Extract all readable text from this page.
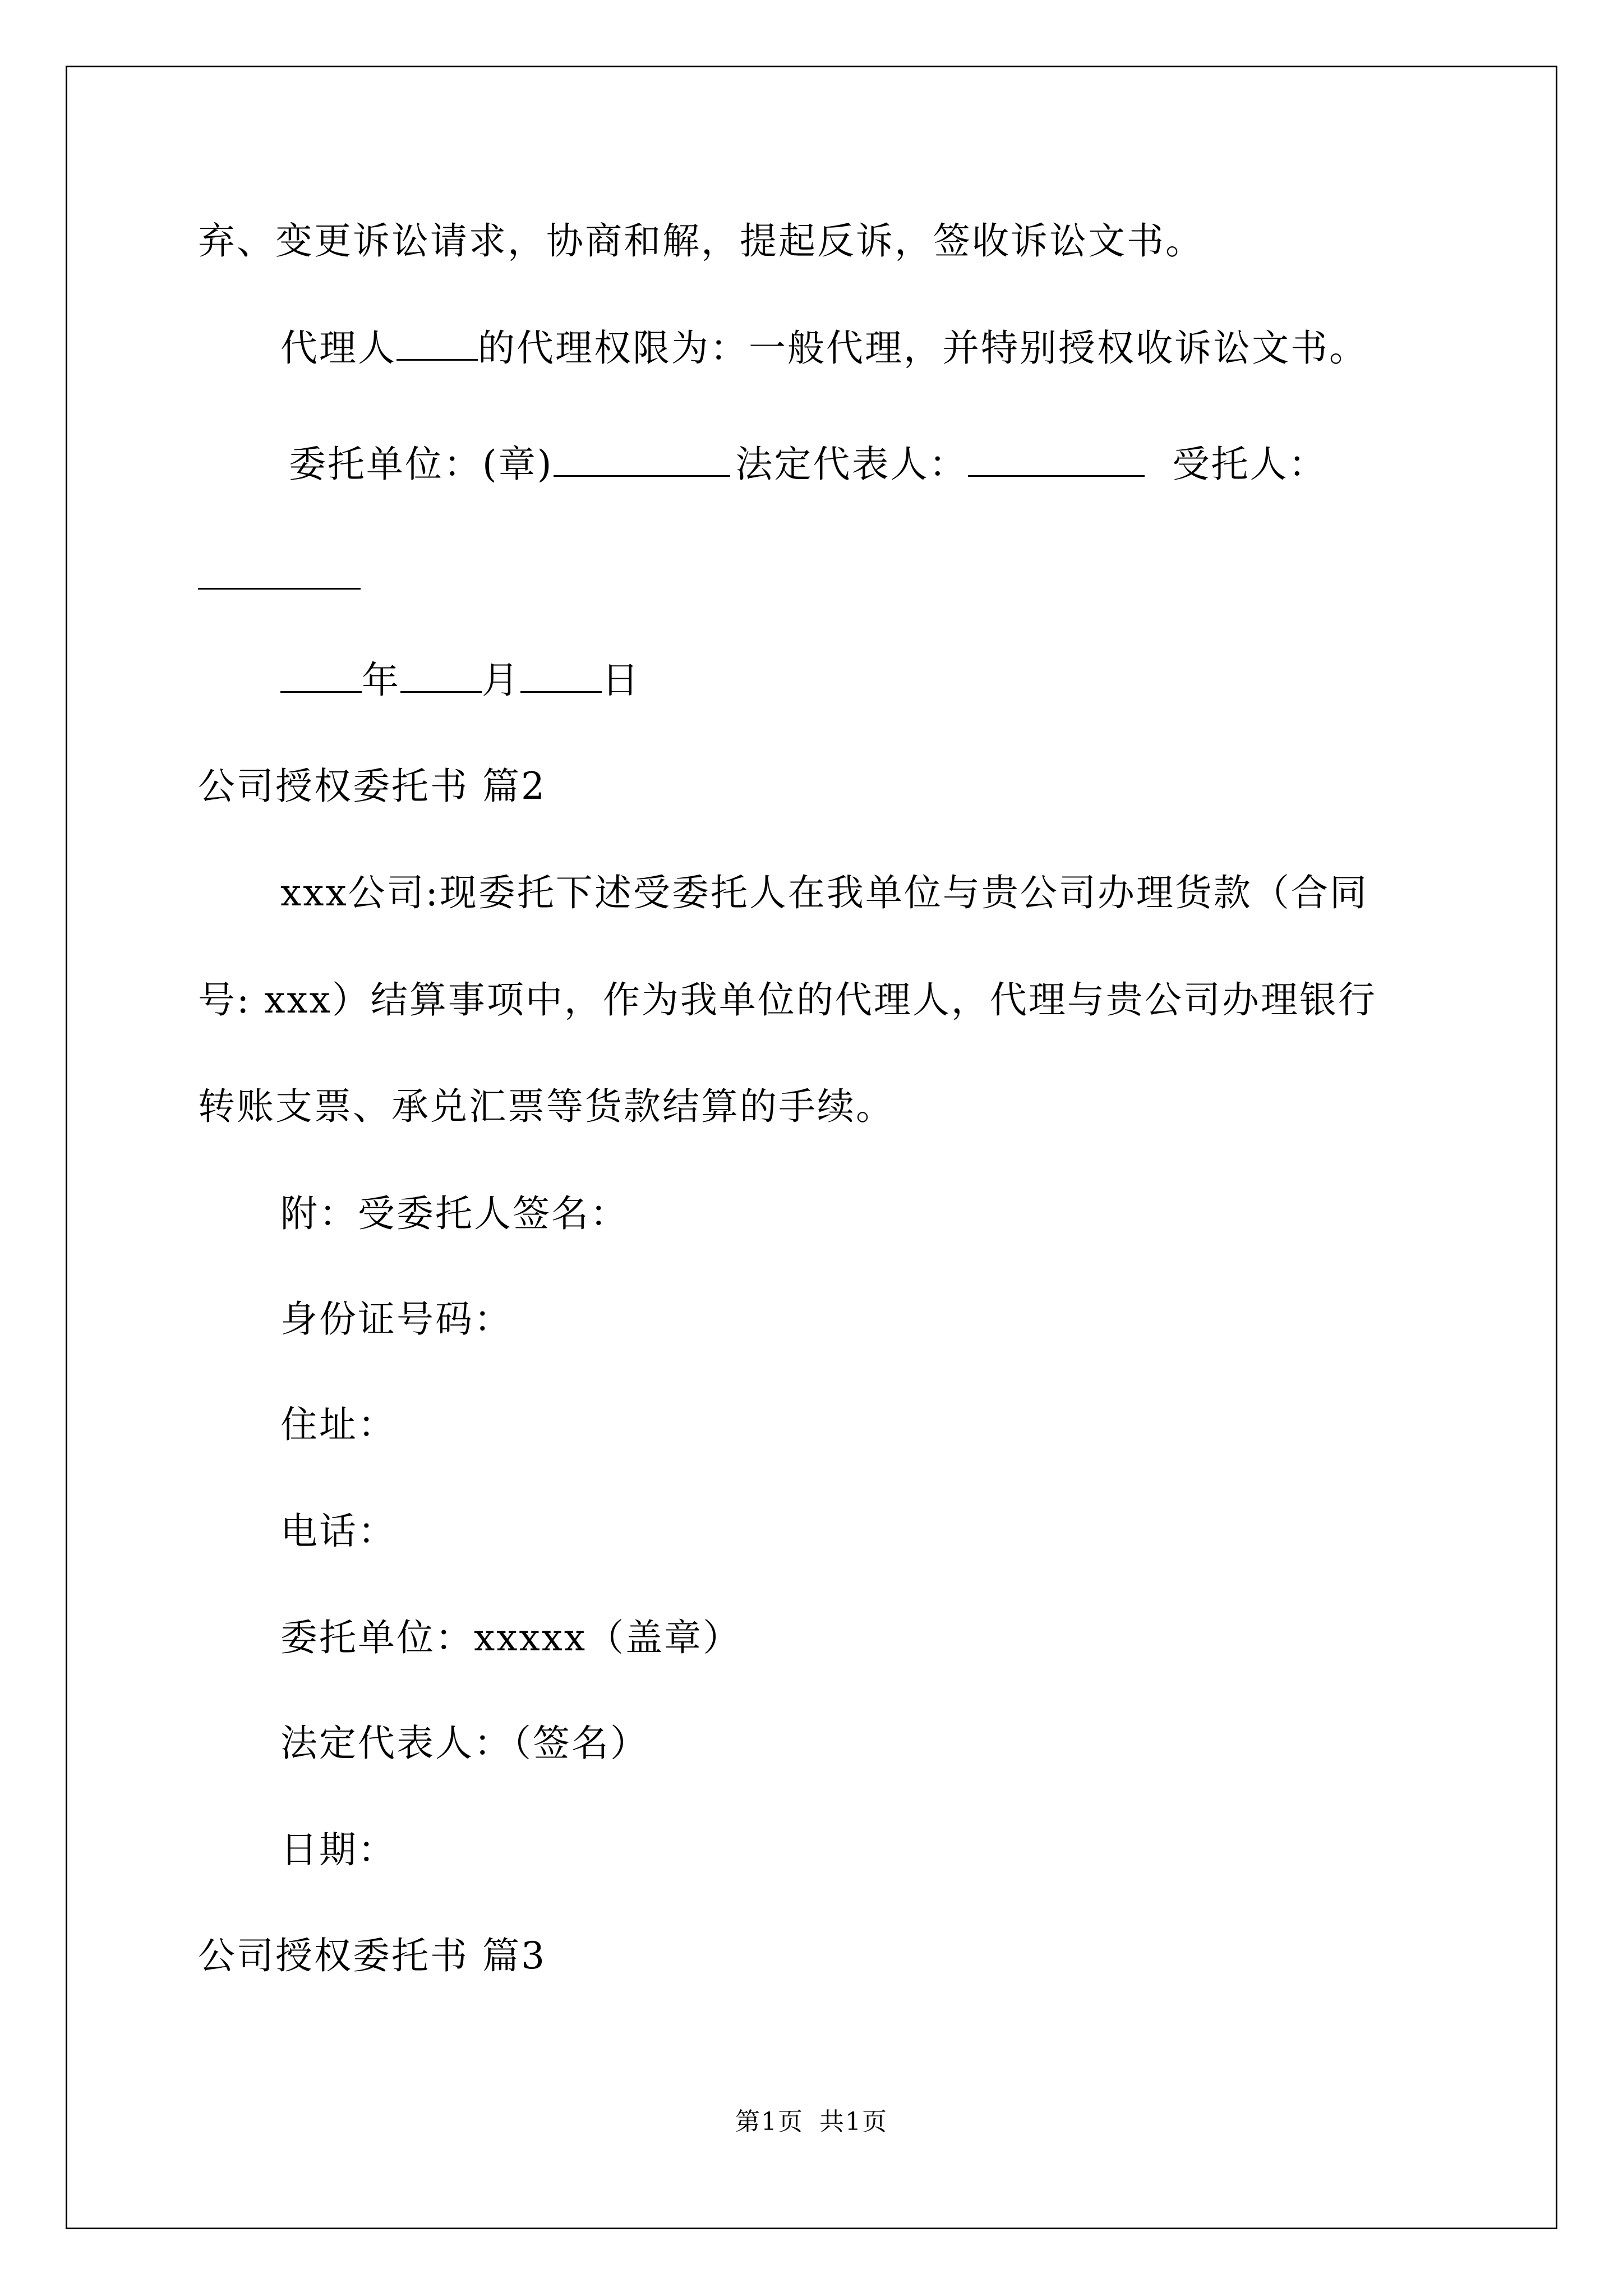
弃、变更诉讼请求，协商和解，提起反诉，签收诉讼文书。
代理人 的代理权限为：一般代理，并特别授权收诉讼文书。
委托单位：(章)	法定代表人：	受托人：
年 月 日
公司授权委托书 篇2
xxx公司:现委托下述受委托人在我单位与贵公司办理货款（合同
号: xxx）结算事项中，作为我单位的代理人，代理与贵公司办理银行
转账支票、承兑汇票等货款结算的手续。
附：受委托人签名：
身份证号码：
住址：
电话：
委托单位：xxxxx（盖章）
法定代表人：（签名）
日期：
公司授权委托书 篇3
第1页 共1页
